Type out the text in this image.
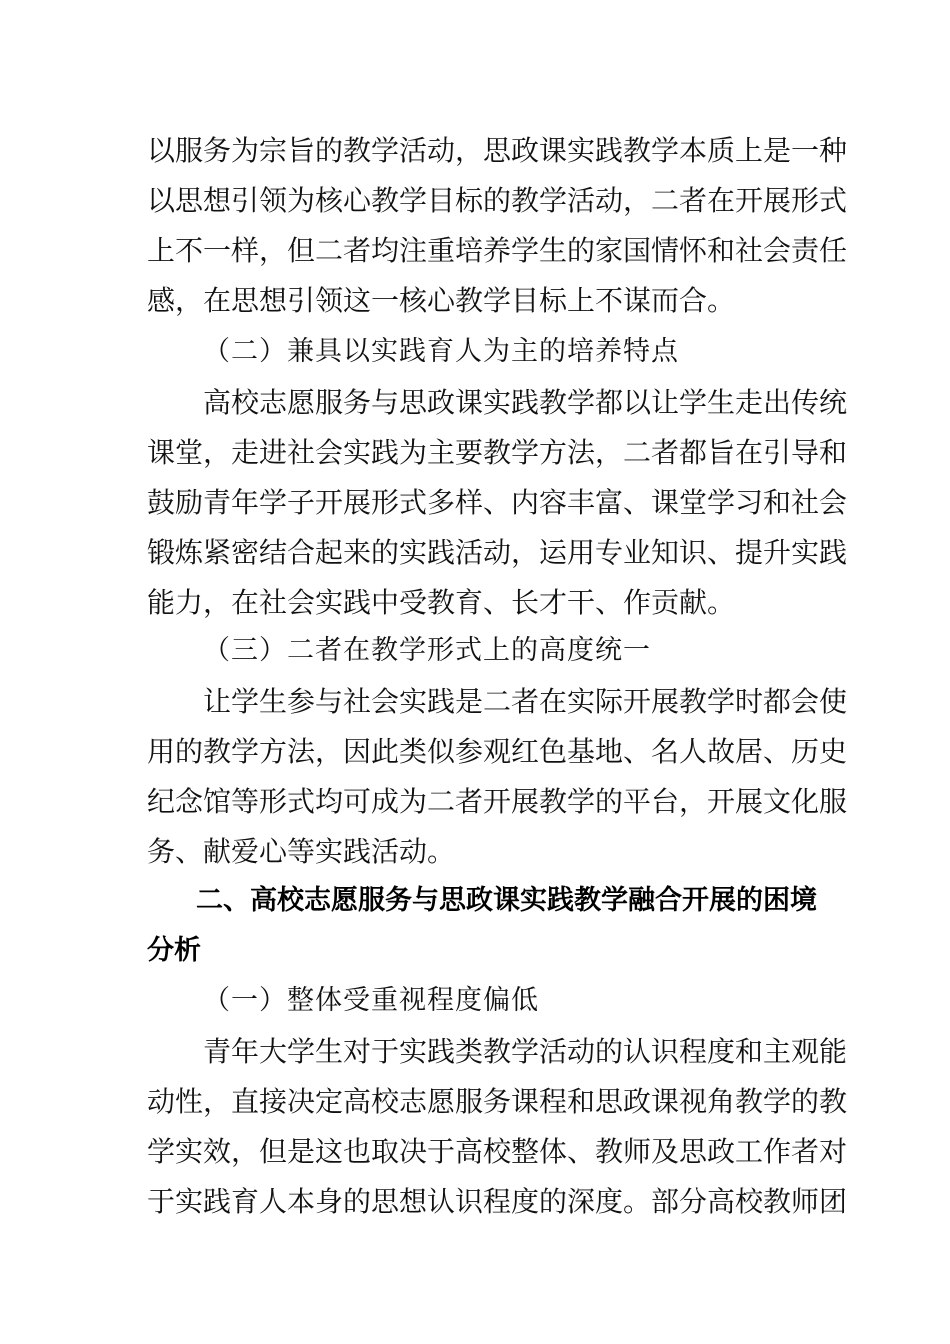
以服务为宗旨的教学活动，思政课实践教学本质上是一种
以思想引领为核心教学目标的教学活动，二者在开展形式
上不一样，但二者均注重培养学生的家国情怀和社会责任
感，在思想引领这一核心教学目标上不谋而合。
（二）兼具以实践育人为主的培养特点
高校志愿服务与思政课实践教学都以让学生走出传统
课堂，走进社会实践为主要教学方法，二者都旨在引导和
鼓励青年学子开展形式多样、内容丰富、课堂学习和社会
锻炼紧密结合起来的实践活动，运用专业知识、提升实践
能力，在社会实践中受教育、长才干、作贡献。
（三）二者在教学形式上的高度统一
让学生参与社会实践是二者在实际开展教学时都会使
用的教学方法，因此类似参观红色基地、名人故居、历史
纪念馆等形式均可成为二者开展教学的平台，开展文化服
务、献爱心等实践活动。
二、高校志愿服务与思政课实践教学融合开展的困境
分析
（一）整体受重视程度偏低
青年大学生对于实践类教学活动的认识程度和主观能
动性，直接决定高校志愿服务课程和思政课视角教学的教
学实效，但是这也取决于高校整体、教师及思政工作者对
于实践育人本身的思想认识程度的深度。部分高校教师团
